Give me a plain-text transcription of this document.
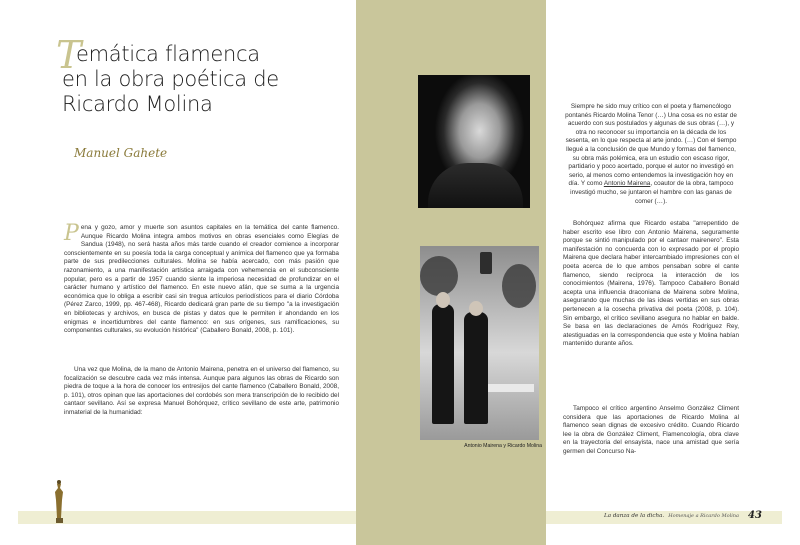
T
emática flamenca
en la obra poética de
Ricardo Molina
Manuel Gahete
P ena y gozo, amor y muerte son asuntos capitales en la temática del cante flamenco. Aunque Ricardo Molina integra ambos motivos en obras esenciales como Elegías de Sandua (1948), no será hasta años más tarde cuando el creador comience a incorporar conscientemente en su poesía toda la carga conceptual y anímica del flamenco que ya formaba parte de sus predilecciones culturales. Molina se había acercado, con más pasión que razonamiento, a una manifestación artística arraigada con vehemencia en el subconsciente popular, pero es a partir de 1957 cuando siente la imperiosa necesidad de profundizar en el carácter humano y artístico del flamenco. En este nuevo afán, que se suma a la urgencia económica que lo obliga a escribir casi sin tregua artículos periodísticos para el diario Córdoba (Pérez Zarco, 1999, pp. 467-468), Ricardo dedicará gran parte de su tiempo "a la investigación en bibliotecas y archivos, en busca de pistas y datos que le permiten ir ahondando en los enigmas e incertidumbres del cante flamenco: en sus orígenes, sus ramificaciones, su componentes culturales, su evolución histórica" (Caballero Bonald, 2008, p. 101).
Una vez que Molina, de la mano de Antonio Mairena, penetra en el universo del flamenco, su focalización se descubre cada vez más intensa. Aunque para algunos las obras de Ricardo son piedra de toque a la hora de conocer los entresijos del cante flamenco (Caballero Bonald, 2008, p. 101), otros opinan que las aportaciones del cordobés son mera transcripción de lo recibido del cantaor sevillano. Así se expresa Manuel Bohórquez, crítico sevillano de este arte, patrimonio inmaterial de la humanidad:
Antonio Mairena y Ricardo Molina
Siempre he sido muy crítico con el poeta y flamencólogo pontanés Ricardo Molina Tenor (…) Una cosa es no estar de acuerdo con sus postulados y algunas de sus obras (…), y otra no reconocer su importancia en la década de los sesenta, en lo que respecta al arte jondo. (…) Con el tiempo llegué a la conclusión de que Mundo y formas del flamenco, su obra más polémica, era un estudio con escaso rigor, partidario y poco acertado, porque el autor no investigó en serio, al menos como entendemos la investigación hoy en día. Y como Antonio Mairena, coautor de la obra, tampoco investigó mucho, se juntaron el hambre con las ganas de comer (…).
Bohórquez afirma que Ricardo estaba "arrepentido de haber escrito ese libro con Antonio Mairena, seguramente porque se sintió manipulado por el cantaor mairenero". Esta manifestación no concuerda con lo expresado por el propio Mairena que declara haber intercambiado impresiones con el poeta acerca de lo que ambos pensaban sobre el cante flamenco, siendo recíproca la interacción de los conocimientos (Mairena, 1976). Tampoco Caballero Bonald acepta una influencia draconiana de Mairena sobre Molina, asegurando que muchas de las ideas vertidas en sus obras pertenecen a la cosecha privativa del poeta (2008, p. 104). Sin embargo, el crítico sevillano asegura no hablar en balde. Se basa en las declaraciones de Amós Rodríguez Rey, atestiguadas en la correspondencia que este y Molina habían mantenido durante años.
Tampoco el crítico argentino Anselmo González Climent considera que las aportaciones de Ricardo Molina al flamenco sean dignas de excesivo crédito. Cuando Ricardo lee la obra de González Climent, Flamencología, obra clave en la trayectoria del ensayista, nace una amistad que sería germen del Concurso Na-
La danza de la dicha. Homenaje a Ricardo Molina 43
